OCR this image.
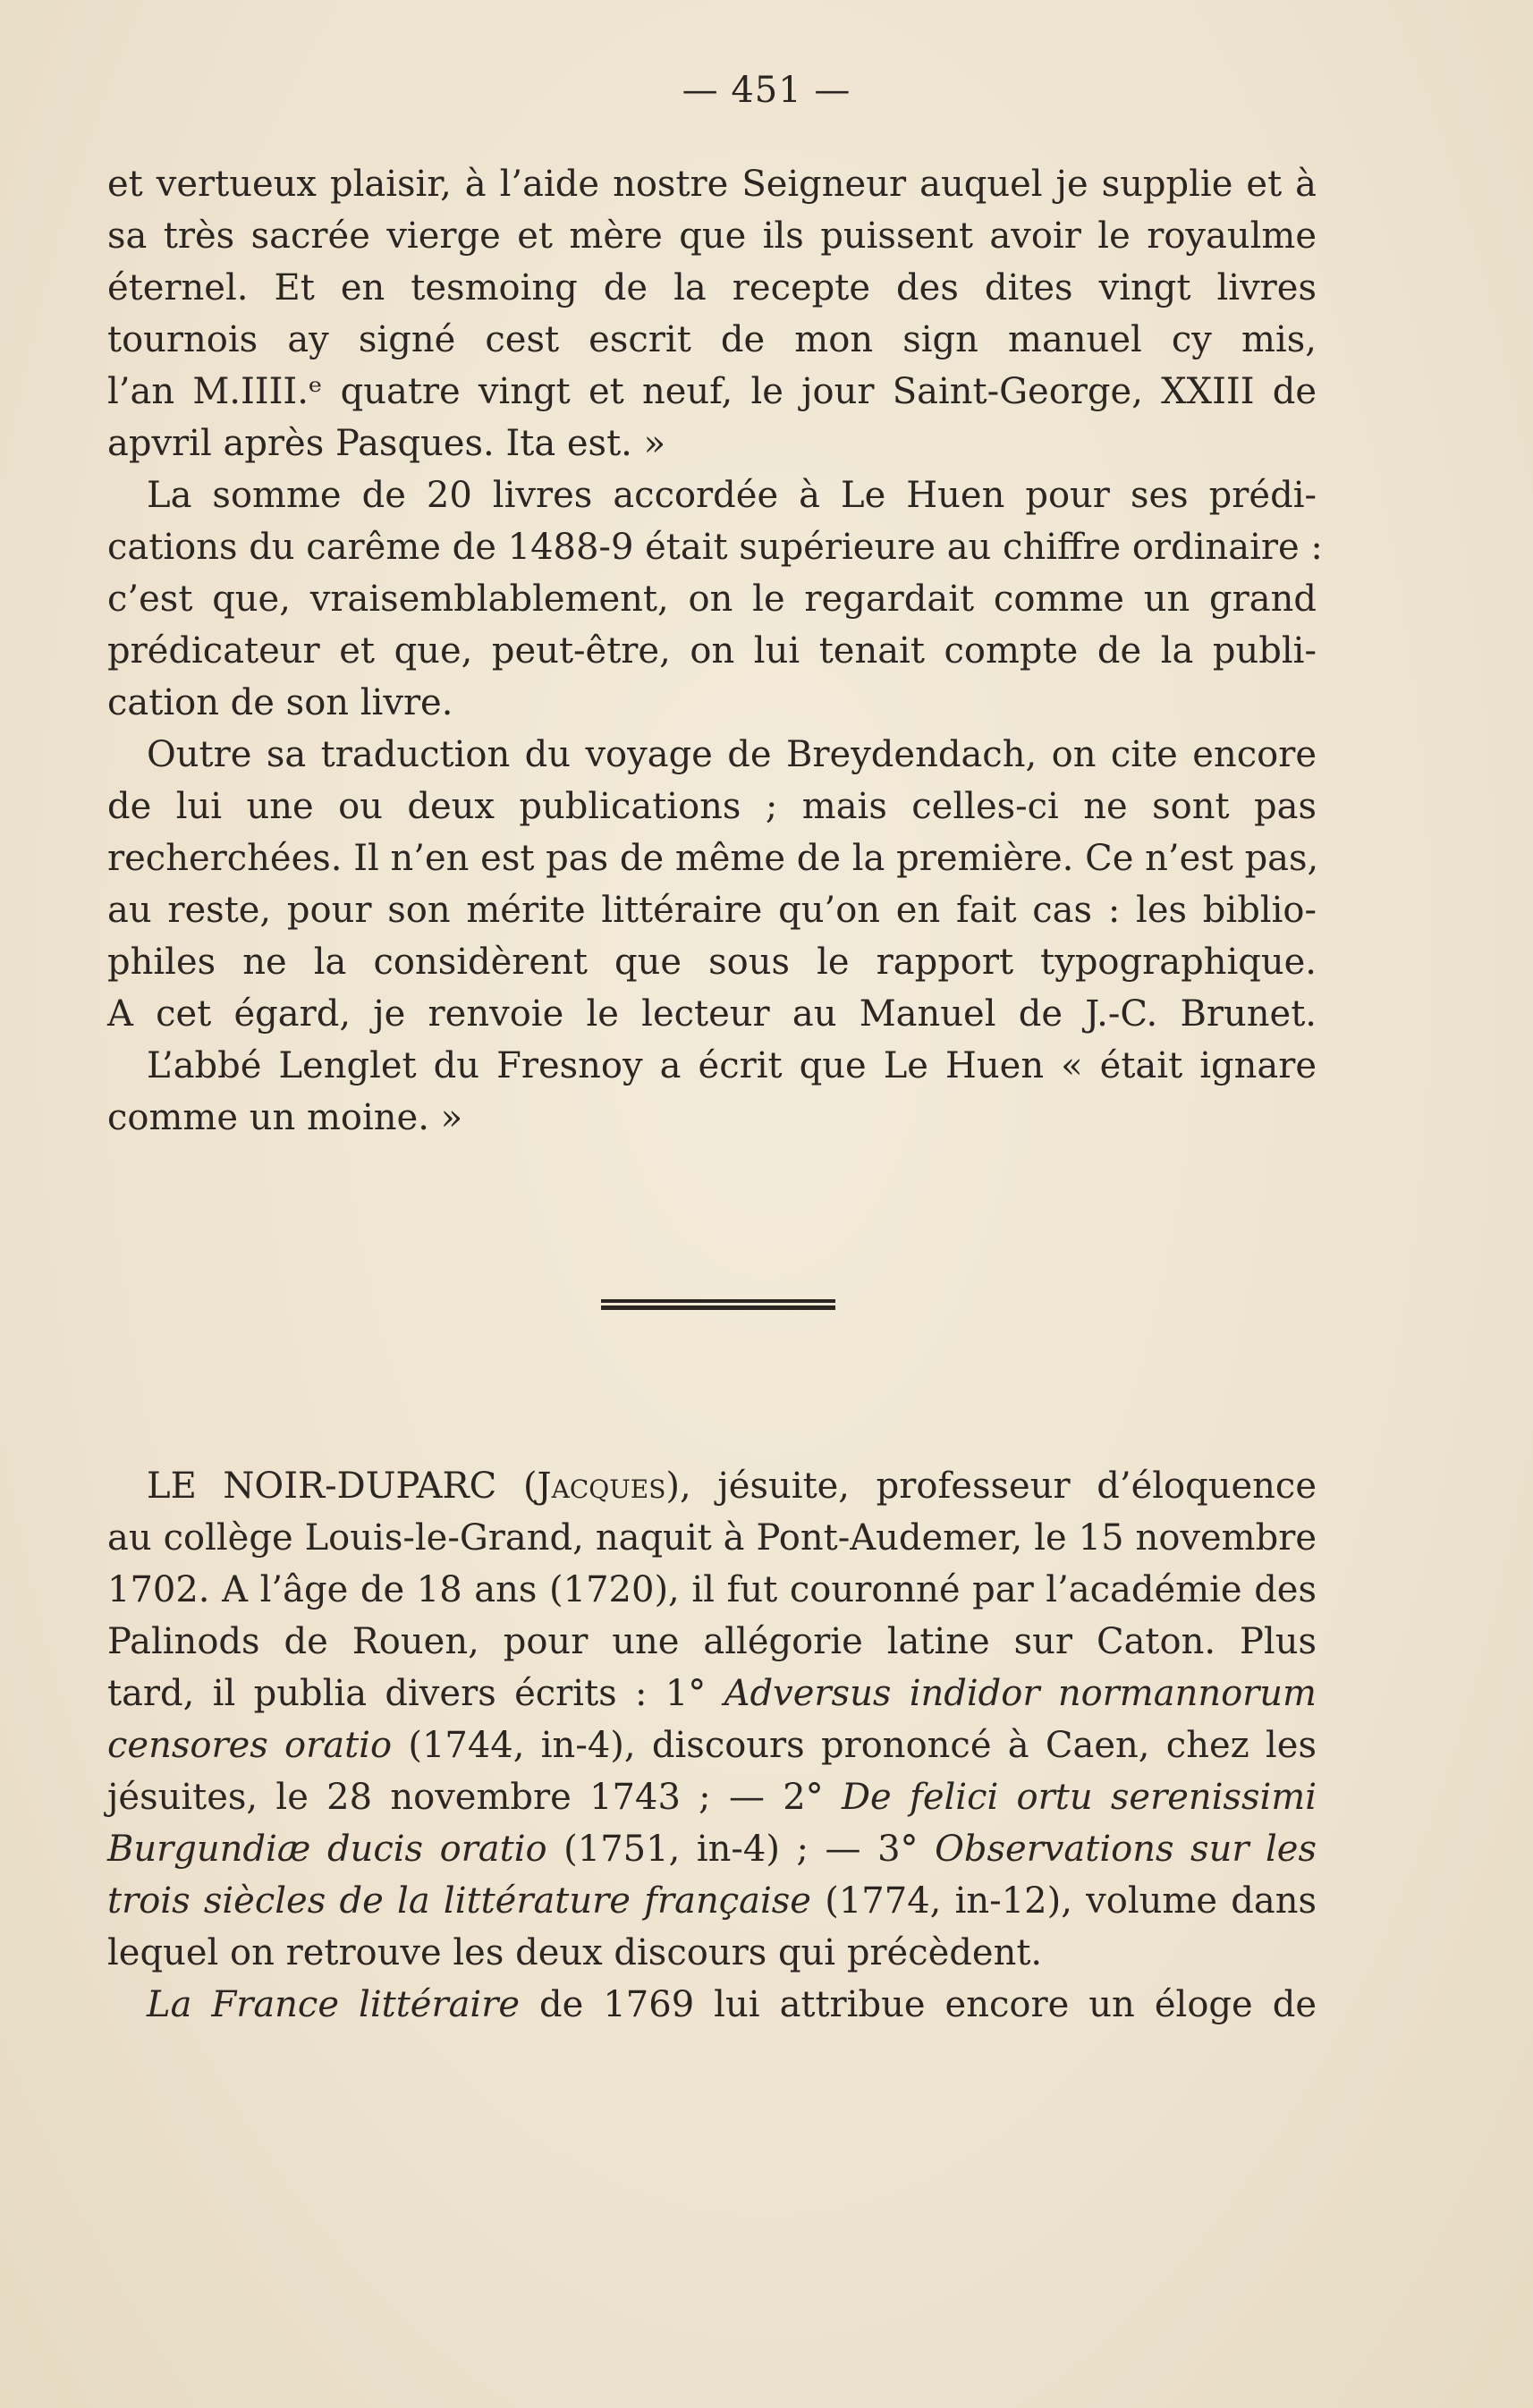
— 451 —
et vertueux plaisir, à l’aide nostre Seigneur auquel je supplie et à
sa très sacrée vierge et mère que ils puissent avoir le royaulme
éternel. Et en tesmoing de la recepte des dites vingt livres
tournois ay signé cest escrit de mon sign manuel cy mis,
l’an M.IIII.ᵉ quatre vingt et neuf, le jour Saint-George, XXIII de
apvril après Pasques. Ita est. »
La somme de 20 livres accordée à Le Huen pour ses prédi-
cations du carême de 1488-9 était supérieure au chiffre ordinaire :
c’est que, vraisemblablement, on le regardait comme un grand
prédicateur et que, peut-être, on lui tenait compte de la publi-
cation de son livre.
Outre sa traduction du voyage de Breydendach, on cite encore
de lui une ou deux publications ; mais celles-ci ne sont pas
recherchées. Il n’en est pas de même de la première. Ce n’est pas,
au reste, pour son mérite littéraire qu’on en fait cas : les biblio-
philes ne la considèrent que sous le rapport typographique.
A cet égard, je renvoie le lecteur au Manuel de J.-C. Brunet.
L’abbé Lenglet du Fresnoy a écrit que Le Huen « était ignare
comme un moine. »
LE NOIR-DUPARC (Jacques), jésuite, professeur d’éloquence
au collège Louis-le-Grand, naquit à Pont-Audemer, le 15 novembre
1702. A l’âge de 18 ans (1720), il fut couronné par l’académie des
Palinods de Rouen, pour une allégorie latine sur Caton. Plus
tard, il publia divers écrits : 1° Adversus indidor normannorum
censores oratio (1744, in-4), discours prononcé à Caen, chez les
jésuites, le 28 novembre 1743 ; — 2° De felici ortu serenissimi
Burgundiæ ducis oratio (1751, in-4) ; — 3° Observations sur les
trois siècles de la littérature française (1774, in-12), volume dans
lequel on retrouve les deux discours qui précèdent.
La France littéraire de 1769 lui attribue encore un éloge de
